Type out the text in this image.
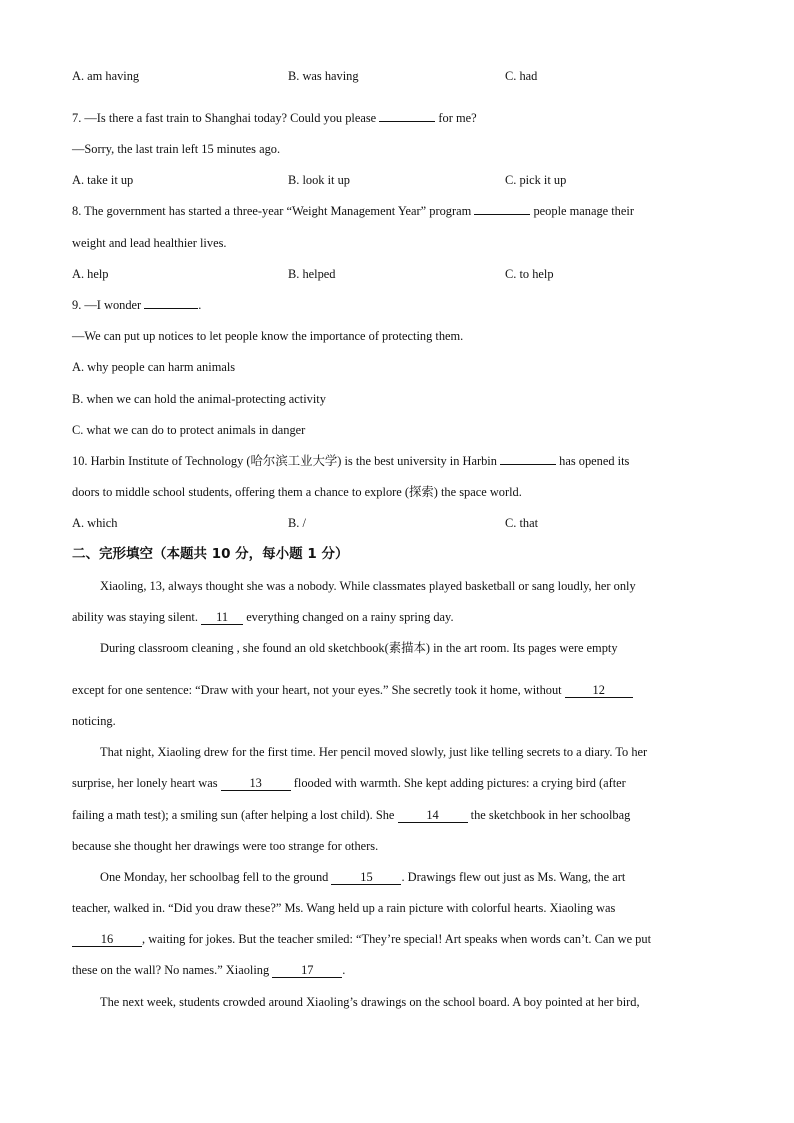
A. am having	B. was having	C. had
7. —Is there a fast train to Shanghai today? Could you please	for me?
—Sorry, the last train left 15 minutes ago.
A. take it up	B. look it up	C. pick it up
8. The government has started a three-year “Weight Management Year” program	people manage their
weight and lead healthier lives.
A. help	B. helped	C. to help
9. —I wonder	.
—We can put up notices to let people know the importance of protecting them.
A. why people can harm animals
B. when we can hold the animal-protecting activity
C. what we can do to protect animals in danger
10. Harbin Institute of Technology (哈尔滨工业大学) is the best university in Harbin	has opened its
doors to middle school students, offering them a chance to explore (探索) the space world.
A. which	B. /	C. that
二、完形填空（本题共 10 分，每小题 1 分）
Xiaoling, 13, always thought she was a nobody. While classmates played basketball or sang loudly, her only
ability was staying silent. 11 everything changed on a rainy spring day.
During classroom cleaning , she found an old sketchbook(素描本) in the art room. Its pages were empty
except for one sentence: “Draw with your heart, not your eyes.” She secretly took it home, without 12
noticing.
That night, Xiaoling drew for the first time. Her pencil moved slowly, just like telling secrets to a diary. To her
surprise, her lonely heart was	13	flooded with warmth. She kept adding pictures: a crying bird (after
failing a math test); a smiling sun (after helping a lost child). She	14	the sketchbook in her schoolbag
because she thought her drawings were too strange for others.
One Monday, her schoolbag fell to the ground	15 . Drawings flew out just as Ms. Wang, the art
teacher, walked in. “Did you draw these?” Ms. Wang held up a rain picture with colorful hearts. Xiaoling was
16 , waiting for jokes. But the teacher smiled: “They’re special! Art speaks when words can’t. Can we put
these on the wall? No names.” Xiaoling	17 .
The next week, students crowded around Xiaoling’s drawings on the school board. A boy pointed at her bird,
